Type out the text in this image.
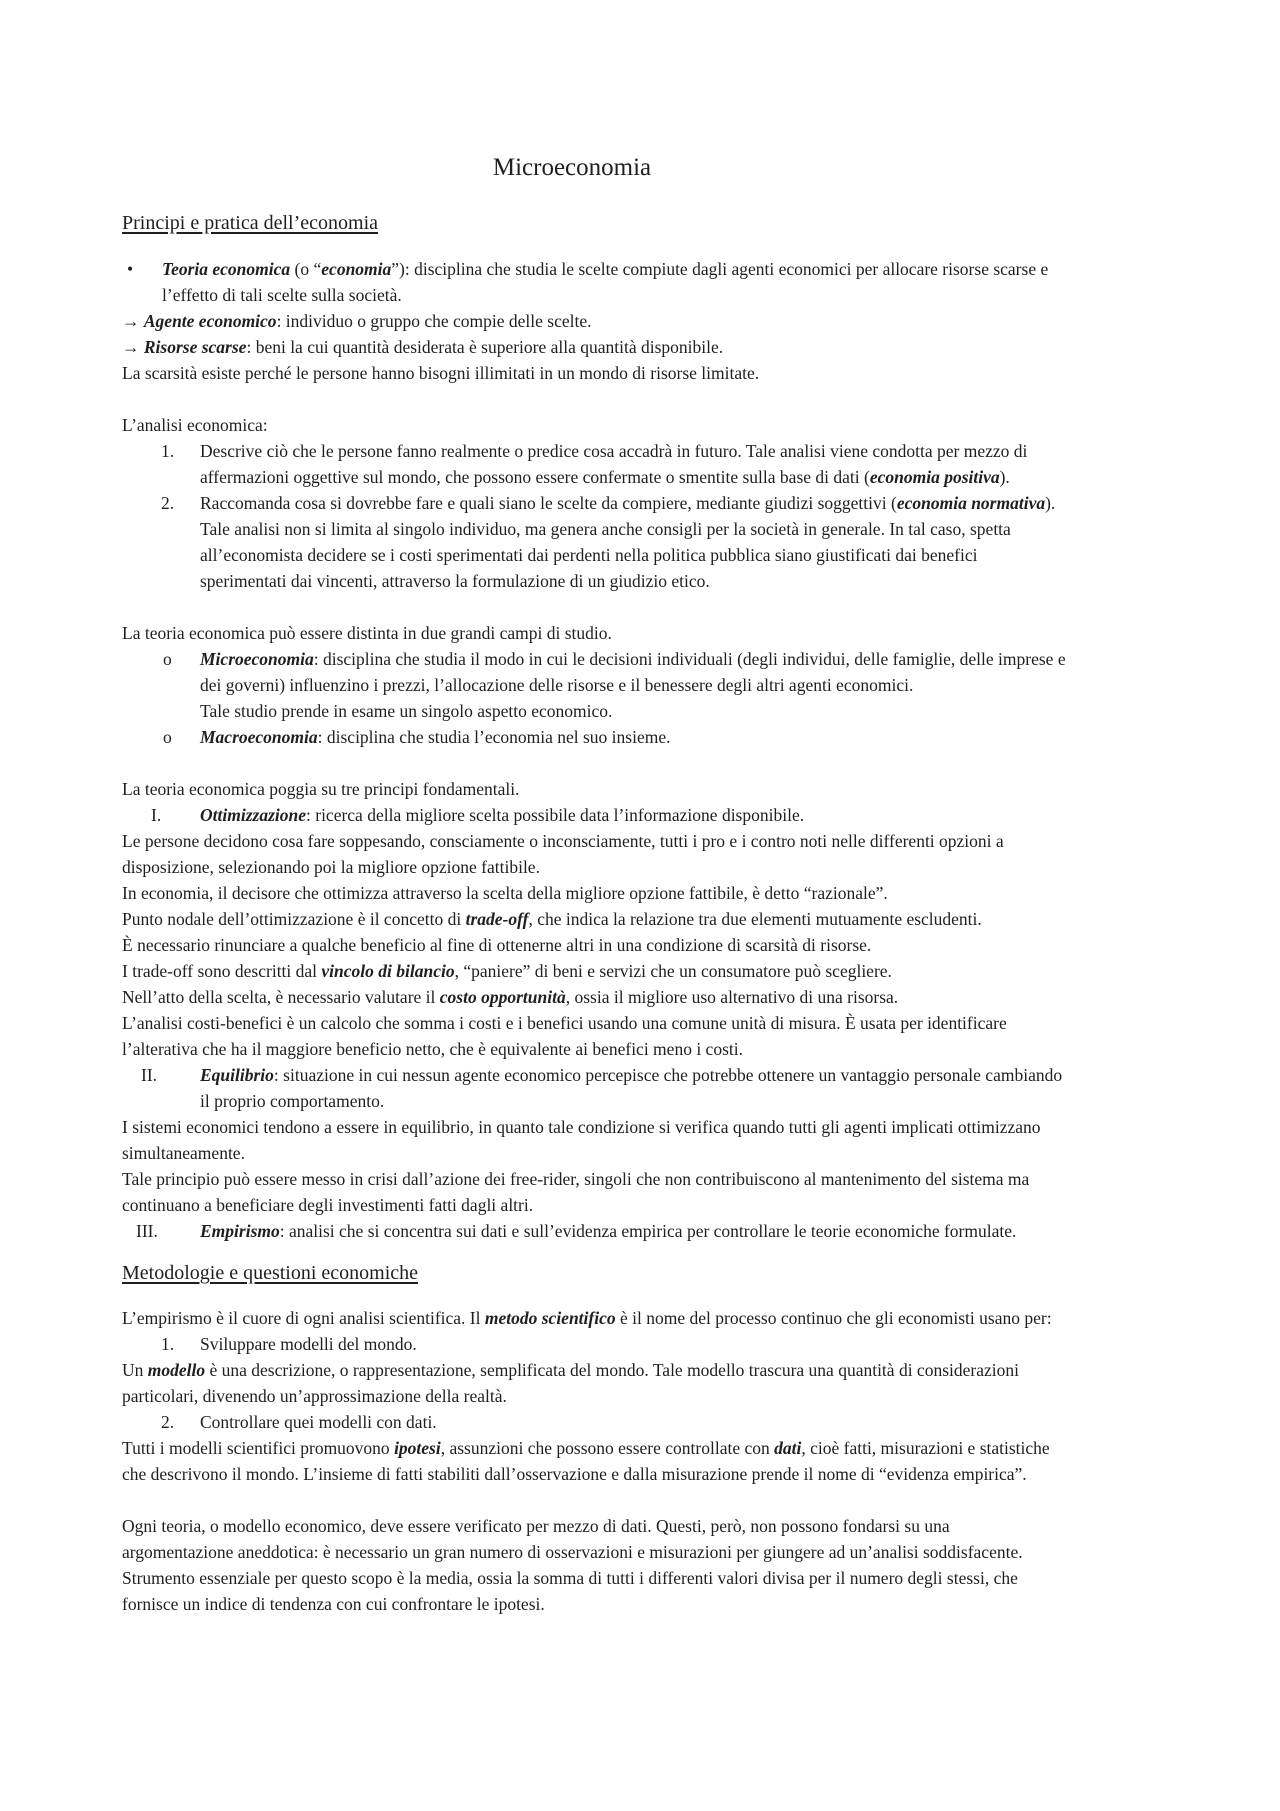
Microeconomia
Principi e pratica dell’economia
• Teoria economica (o “economia”): disciplina che studia le scelte compiute dagli agenti economici per allocare risorse scarse e
l’effetto di tali scelte sulla società.
→ Agente economico: individuo o gruppo che compie delle scelte.
→ Risorse scarse: beni la cui quantità desiderata è superiore alla quantità disponibile.
La scarsità esiste perché le persone hanno bisogni illimitati in un mondo di risorse limitate.
L’analisi economica:
1. Descrive ciò che le persone fanno realmente o predice cosa accadrà in futuro. Tale analisi viene condotta per mezzo di
affermazioni oggettive sul mondo, che possono essere confermate o smentite sulla base di dati (economia positiva).
2. Raccomanda cosa si dovrebbe fare e quali siano le scelte da compiere, mediante giudizi soggettivi (economia normativa).
Tale analisi non si limita al singolo individuo, ma genera anche consigli per la società in generale. In tal caso, spetta
all’economista decidere se i costi sperimentati dai perdenti nella politica pubblica siano giustificati dai benefici
sperimentati dai vincenti, attraverso la formulazione di un giudizio etico.
La teoria economica può essere distinta in due grandi campi di studio.
o Microeconomia: disciplina che studia il modo in cui le decisioni individuali (degli individui, delle famiglie, delle imprese e
dei governi) influenzino i prezzi, l’allocazione delle risorse e il benessere degli altri agenti economici.
Tale studio prende in esame un singolo aspetto economico.
o Macroeconomia: disciplina che studia l’economia nel suo insieme.
La teoria economica poggia su tre principi fondamentali.
I. Ottimizzazione: ricerca della migliore scelta possibile data l’informazione disponibile.
Le persone decidono cosa fare soppesando, consciamente o inconsciamente, tutti i pro e i contro noti nelle differenti opzioni a
disposizione, selezionando poi la migliore opzione fattibile.
In economia, il decisore che ottimizza attraverso la scelta della migliore opzione fattibile, è detto “razionale”.
Punto nodale dell’ottimizzazione è il concetto di trade-off, che indica la relazione tra due elementi mutuamente escludenti.
È necessario rinunciare a qualche beneficio al fine di ottenerne altri in una condizione di scarsità di risorse.
I trade-off sono descritti dal vincolo di bilancio, “paniere” di beni e servizi che un consumatore può scegliere.
Nell’atto della scelta, è necessario valutare il costo opportunità, ossia il migliore uso alternativo di una risorsa.
L’analisi costi-benefici è un calcolo che somma i costi e i benefici usando una comune unità di misura. È usata per identificare
l’alterativa che ha il maggiore beneficio netto, che è equivalente ai benefici meno i costi.
II. Equilibrio: situazione in cui nessun agente economico percepisce che potrebbe ottenere un vantaggio personale cambiando
il proprio comportamento.
I sistemi economici tendono a essere in equilibrio, in quanto tale condizione si verifica quando tutti gli agenti implicati ottimizzano
simultaneamente.
Tale principio può essere messo in crisi dall’azione dei free-rider, singoli che non contribuiscono al mantenimento del sistema ma
continuano a beneficiare degli investimenti fatti dagli altri.
III. Empirismo: analisi che si concentra sui dati e sull’evidenza empirica per controllare le teorie economiche formulate.
Metodologie e questioni economiche
L’empirismo è il cuore di ogni analisi scientifica. Il metodo scientifico è il nome del processo continuo che gli economisti usano per:
1. Sviluppare modelli del mondo.
Un modello è una descrizione, o rappresentazione, semplificata del mondo. Tale modello trascura una quantità di considerazioni
particolari, divenendo un’approssimazione della realtà.
2. Controllare quei modelli con dati.
Tutti i modelli scientifici promuovono ipotesi, assunzioni che possono essere controllate con dati, cioè fatti, misurazioni e statistiche
che descrivono il mondo. L’insieme di fatti stabiliti dall’osservazione e dalla misurazione prende il nome di “evidenza empirica”.
Ogni teoria, o modello economico, deve essere verificato per mezzo di dati. Questi, però, non possono fondarsi su una
argomentazione aneddotica: è necessario un gran numero di osservazioni e misurazioni per giungere ad un’analisi soddisfacente.
Strumento essenziale per questo scopo è la media, ossia la somma di tutti i differenti valori divisa per il numero degli stessi, che
fornisce un indice di tendenza con cui confrontare le ipotesi.
